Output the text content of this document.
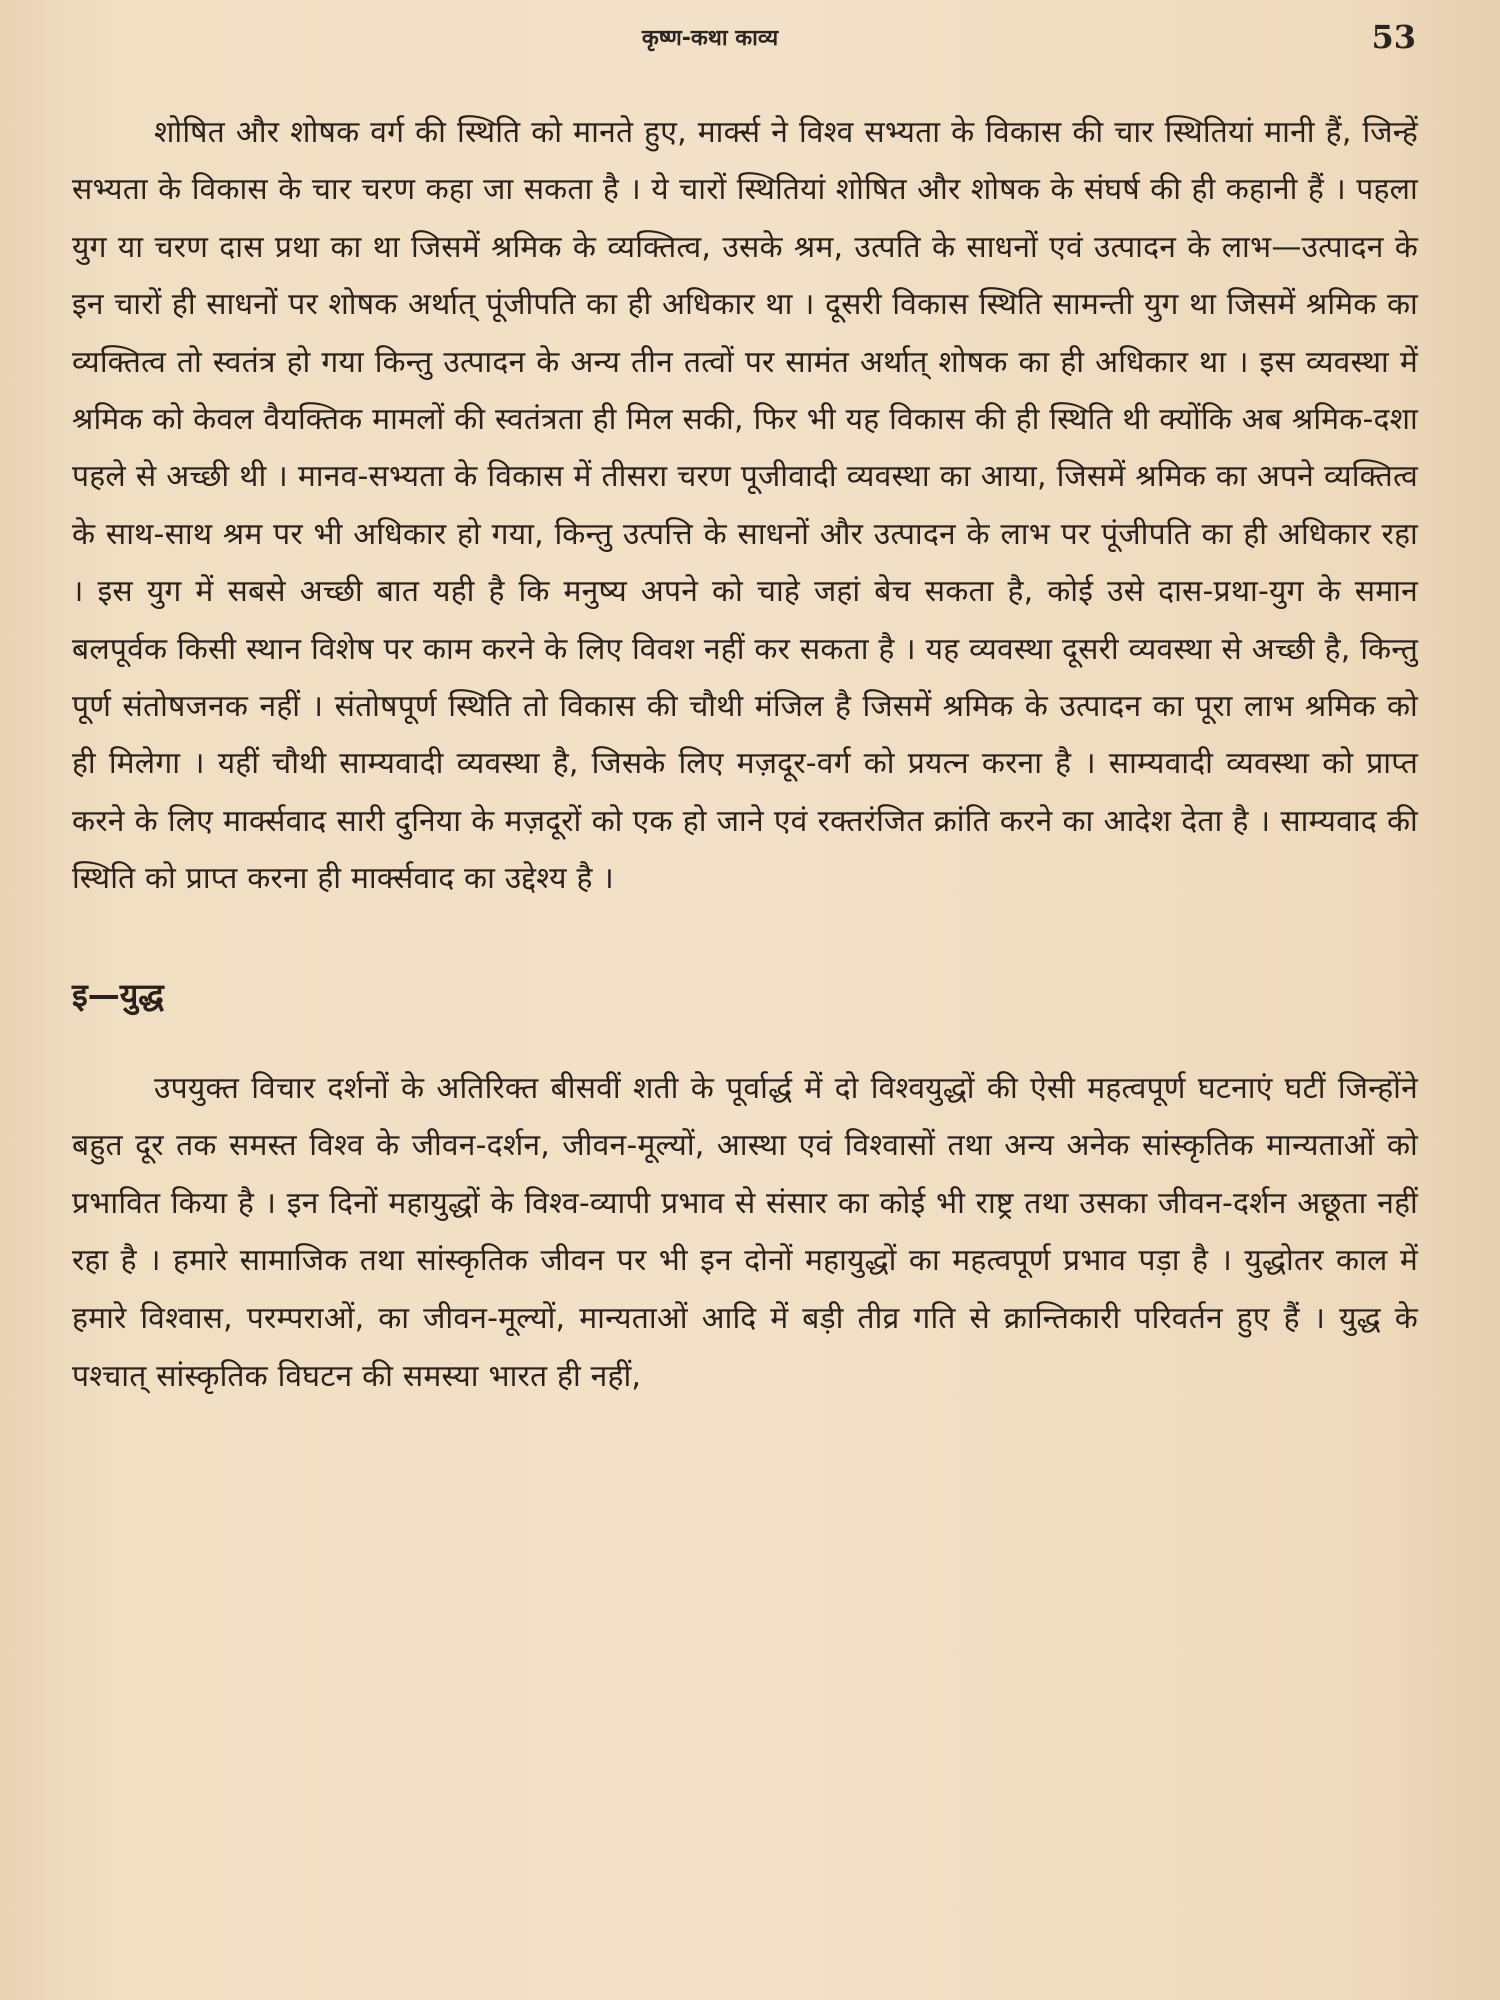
कृष्ण-कथा काव्य	53

शोषित और शोषक वर्ग की स्थिति को मानते हुए, मार्क्स ने विश्व सभ्यता के विकास की चार स्थितियां मानी हैं, जिन्हें सभ्यता के विकास के चार चरण कहा जा सकता है । ये चारों स्थितियां शोषित और शोषक के संघर्ष की ही कहानी हैं । पहला युग या चरण दास प्रथा का था जिसमें श्रमिक के व्यक्तित्व, उसके श्रम, उत्पति के साधनों एवं उत्पादन के लाभ—उत्पादन के इन चारों ही साधनों पर शोषक अर्थात् पूंजीपति का ही अधिकार था । दूसरी विकास स्थिति सामन्ती युग था जिसमें श्रमिक का व्यक्तित्व तो स्वतंत्र हो गया किन्तु उत्पादन के अन्य तीन तत्वों पर सामंत अर्थात् शोषक का ही अधिकार था । इस व्यवस्था में श्रमिक को केवल वैयक्तिक मामलों की स्वतंत्रता ही मिल सकी, फिर भी यह विकास की ही स्थिति थी क्योंकि अब श्रमिक-दशा पहले से अच्छी थी । मानव-सभ्यता के विकास में तीसरा चरण पूजीवादी व्यवस्था का आया, जिसमें श्रमिक का अपने व्यक्तित्व के साथ-साथ श्रम पर भी अधिकार हो गया, किन्तु उत्पत्ति के साधनों और उत्पादन के लाभ पर पूंजीपति का ही अधिकार रहा । इस युग में सबसे अच्छी बात यही है कि मनुष्य अपने को चाहे जहां बेच सकता है, कोई उसे दास-प्रथा-युग के समान बलपूर्वक किसी स्थान विशेष पर काम करने के लिए विवश नहीं कर सकता है । यह व्यवस्था दूसरी व्यवस्था से अच्छी है, किन्तु पूर्ण संतोषजनक नहीं । संतोषपूर्ण स्थिति तो विकास की चौथी मंजिल है जिसमें श्रमिक के उत्पादन का पूरा लाभ श्रमिक को ही मिलेगा । यहीं चौथी साम्यवादी व्यवस्था है, जिसके लिए मज़दूर-वर्ग को प्रयत्न करना है । साम्यवादी व्यवस्था को प्राप्त करने के लिए मार्क्सवाद सारी दुनिया के मज़दूरों को एक हो जाने एवं रक्तरंजित क्रांति करने का आदेश देता है । साम्यवाद की स्थिति को प्राप्त करना ही मार्क्सवाद का उद्देश्य है ।

इ—युद्ध

उपयुक्त विचार दर्शनों के अतिरिक्त बीसवीं शती के पूर्वार्द्ध में दो विश्वयुद्धों की ऐसी महत्वपूर्ण घटनाएं घटीं जिन्होंने बहुत दूर तक समस्त विश्व के जीवन-दर्शन, जीवन-मूल्यों, आस्था एवं विश्वासों तथा अन्य अनेक सांस्कृतिक मान्यताओं को प्रभावित किया है । इन दिनों महायुद्धों के विश्व-व्यापी प्रभाव से संसार का कोई भी राष्ट्र तथा उसका जीवन-दर्शन अछूता नहीं रहा है । हमारे सामाजिक तथा सांस्कृतिक जीवन पर भी इन दोनों महायुद्धों का महत्वपूर्ण प्रभाव पड़ा है । युद्धोतर काल में हमारे विश्वास, परम्पराओं, का जीवन-मूल्यों, मान्यताओं आदि में बड़ी तीव्र गति से क्रान्तिकारी परिवर्तन हुए हैं । युद्ध के पश्चात् सांस्कृतिक विघटन की समस्या भारत ही नहीं,
